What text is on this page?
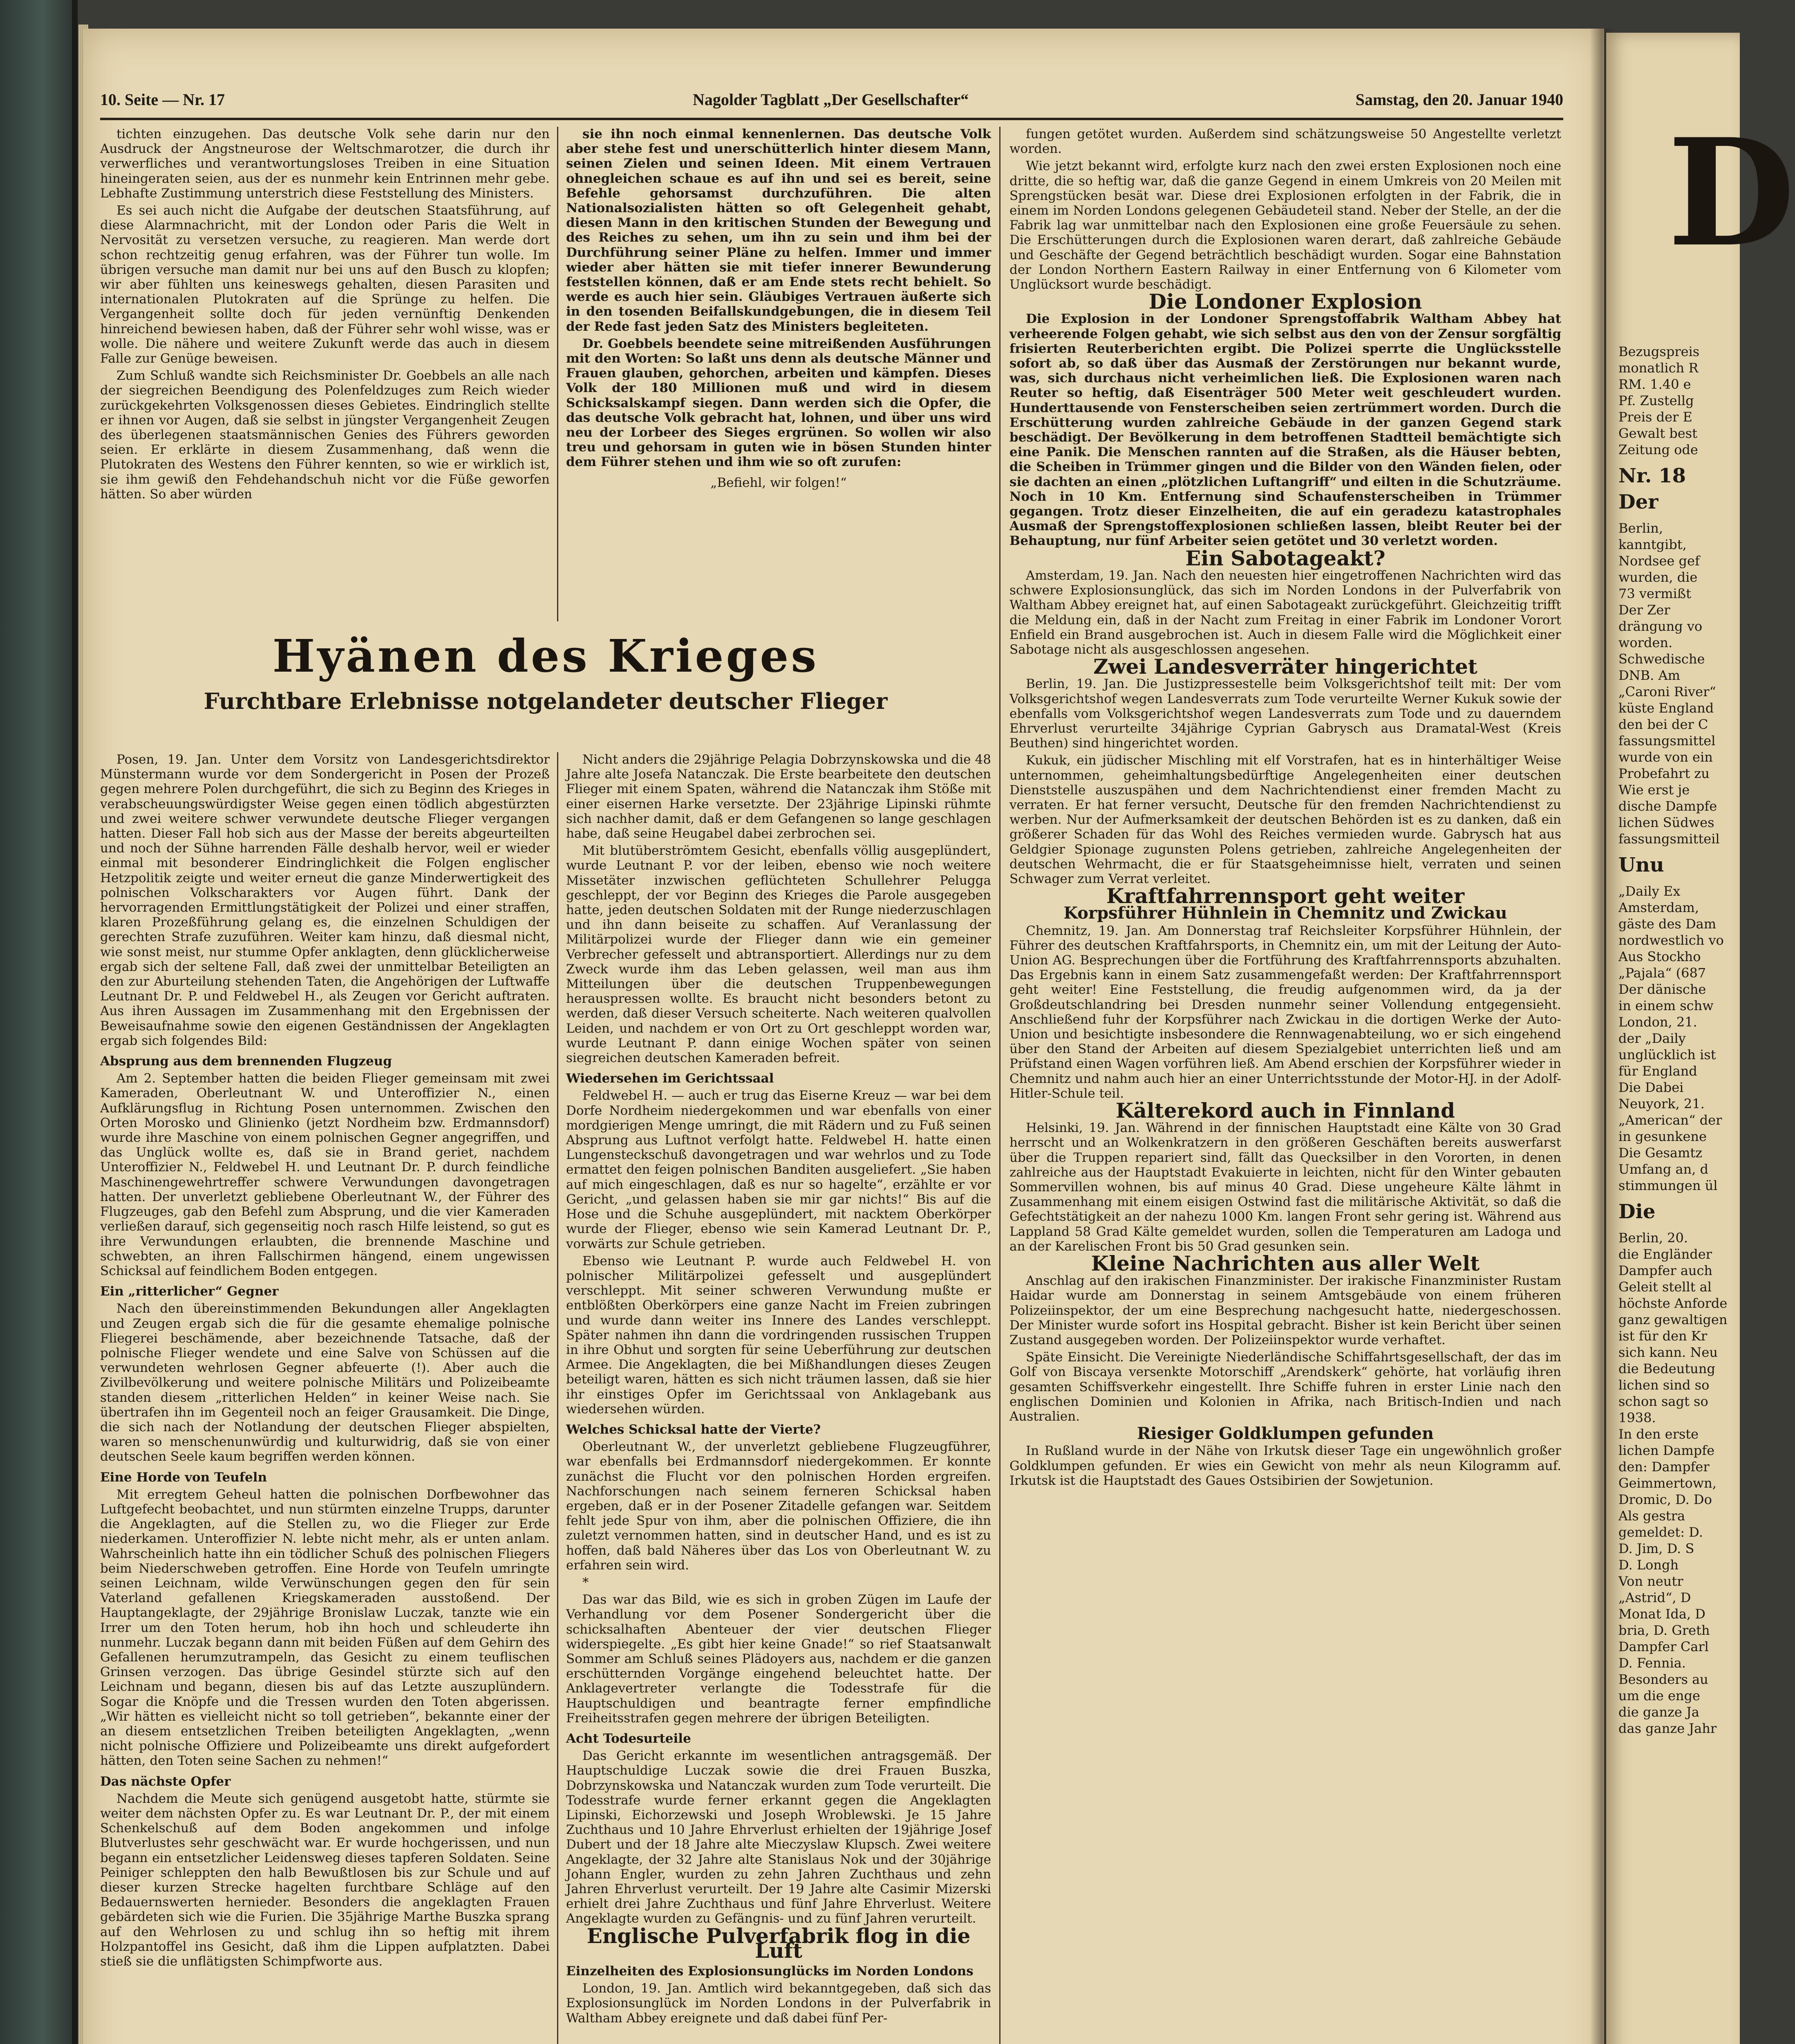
10. Seite — Nr. 17	Nagolder Tagblatt „Der Gesellschafter“	Samstag, den 20. Januar 1940

tichten einzugehen. Das deutsche Volk sehe darin nur den Ausdruck der Angstneurose der Weltschmarotzer, die durch ihr verwerfliches und verantwortungsloses Treiben in eine Situation hineingeraten seien, aus der es nunmehr kein Entrinnen mehr gebe. Lebhafte Zustimmung unterstrich diese Feststellung des Ministers.

Es sei auch nicht die Aufgabe der deutschen Staatsführung, auf diese Alarmnachricht, mit der London oder Paris die Welt in Nervosität zu versetzen versuche, zu reagieren. Man werde dort schon rechtzeitig genug erfahren, was der Führer tun wolle. Im übrigen versuche man damit nur bei uns auf den Busch zu klopfen; wir aber fühlten uns keineswegs gehalten, diesen Parasiten und internationalen Plutokraten auf die Sprünge zu helfen. Die Vergangenheit sollte doch für jeden vernünftig Denkenden hinreichend bewiesen haben, daß der Führer sehr wohl wisse, was er wolle. Die nähere und weitere Zukunft werde das auch in diesem Falle zur Genüge beweisen.

Zum Schluß wandte sich Reichsminister Dr. Goebbels an alle nach der siegreichen Beendigung des Polenfeldzuges zum Reich wieder zurückgekehrten Volksgenossen dieses Gebietes. Eindringlich stellte er ihnen vor Augen, daß sie selbst in jüngster Vergangenheit Zeugen des überlegenen staatsmännischen Genies des Führers geworden seien. Er erklärte in diesem Zusammenhang, daß wenn die Plutokraten des Westens den Führer kennten, so wie er wirklich ist, sie ihm gewiß den Fehdehandschuh nicht vor die Füße geworfen hätten. So aber würden

sie ihn noch einmal kennenlernen. Das deutsche Volk aber stehe fest und unerschütterlich hinter diesem Mann, seinen Zielen und seinen Ideen. Mit einem Vertrauen ohnegleichen schaue es auf ihn und sei es bereit, seine Befehle gehorsamst durchzuführen. Die alten Nationalsozialisten hätten so oft Gelegenheit gehabt, diesen Mann in den kritischen Stunden der Bewegung und des Reiches zu sehen, um ihn zu sein und ihm bei der Durchführung seiner Pläne zu helfen. Immer und immer wieder aber hätten sie mit tiefer innerer Bewunderung feststellen können, daß er am Ende stets recht behielt. So werde es auch hier sein. Gläubiges Vertrauen äußerte sich in den tosenden Beifallskundgebungen, die in diesem Teil der Rede fast jeden Satz des Ministers begleiteten.

Dr. Goebbels beendete seine mitreißenden Ausführungen mit den Worten: So laßt uns denn als deutsche Männer und Frauen glauben, gehorchen, arbeiten und kämpfen. Dieses Volk der 180 Millionen muß und wird in diesem Schicksalskampf siegen. Dann werden sich die Opfer, die das deutsche Volk gebracht hat, lohnen, und über uns wird neu der Lorbeer des Sieges ergrünen. So wollen wir also treu und gehorsam in guten wie in bösen Stunden hinter dem Führer stehen und ihm wie so oft zurufen:

„Befiehl, wir folgen!“

Hyänen des Krieges
Furchtbare Erlebnisse notgelandeter deutscher Flieger

Posen, 19. Jan. Unter dem Vorsitz von Landesgerichtsdirektor Münstermann wurde vor dem Sondergericht in Posen der Prozeß gegen mehrere Polen durchgeführt, die sich zu Beginn des Krieges in verabscheuungswürdigster Weise gegen einen tödlich abgestürzten und zwei weitere schwer verwundete deutsche Flieger vergangen hatten. Dieser Fall hob sich aus der Masse der bereits abgeurteilten und noch der Sühne harrenden Fälle deshalb hervor, weil er wieder einmal mit besonderer Eindringlichkeit die Folgen englischer Hetzpolitik zeigte und weiter erneut die ganze Minderwertigkeit des polnischen Volkscharakters vor Augen führt. Dank der hervorragenden Ermittlungstätigkeit der Polizei und einer straffen, klaren Prozeßführung gelang es, die einzelnen Schuldigen der gerechten Strafe zuzuführen. Weiter kam hinzu, daß diesmal nicht, wie sonst meist, nur stumme Opfer anklagten, denn glücklicherweise ergab sich der seltene Fall, daß zwei der unmittelbar Beteiligten an den zur Aburteilung stehenden Taten, die Angehörigen der Luftwaffe Leutnant Dr. P. und Feldwebel H., als Zeugen vor Gericht auftraten. Aus ihren Aussagen im Zusammenhang mit den Ergebnissen der Beweisaufnahme sowie den eigenen Geständnissen der Angeklagten ergab sich folgendes Bild:

Absprung aus dem brennenden Flugzeug

Am 2. September hatten die beiden Flieger gemeinsam mit zwei Kameraden, Oberleutnant W. und Unteroffizier N., einen Aufklärungsflug in Richtung Posen unternommen. Zwischen den Orten Morosko und Glinienko (jetzt Nordheim bzw. Erdmannsdorf) wurde ihre Maschine von einem polnischen Gegner angegriffen, und das Unglück wollte es, daß sie in Brand geriet, nachdem Unteroffizier N., Feldwebel H. und Leutnant Dr. P. durch feindliche Maschinengewehrtreffer schwere Verwundungen davongetragen hatten. Der unverletzt gebliebene Oberleutnant W., der Führer des Flugzeuges, gab den Befehl zum Absprung, und die vier Kameraden verließen darauf, sich gegenseitig noch rasch Hilfe leistend, so gut es ihre Verwundungen erlaubten, die brennende Maschine und schwebten, an ihren Fallschirmen hängend, einem ungewissen Schicksal auf feindlichem Boden entgegen.

Ein „ritterlicher“ Gegner

Nach den übereinstimmenden Bekundungen aller Angeklagten und Zeugen ergab sich die für die gesamte ehemalige polnische Fliegerei beschämende, aber bezeichnende Tatsache, daß der polnische Flieger wendete und eine Salve von Schüssen auf die verwundeten wehrlosen Gegner abfeuerte (!). Aber auch die Zivilbevölkerung und weitere polnische Militärs und Polizeibeamte standen diesem „ritterlichen Helden“ in keiner Weise nach. Sie übertrafen ihn im Gegenteil noch an feiger Grausamkeit. Die Dinge, die sich nach der Notlandung der deutschen Flieger abspielten, waren so menschenunwürdig und kulturwidrig, daß sie von einer deutschen Seele kaum begriffen werden können.

Eine Horde von Teufeln

Mit erregtem Geheul hatten die polnischen Dorfbewohner das Luftgefecht beobachtet, und nun stürmten einzelne Trupps, darunter die Angeklagten, auf die Stellen zu, wo die Flieger zur Erde niederkamen. Unteroffizier N. lebte nicht mehr, als er unten anlam. Wahrscheinlich hatte ihn ein tödlicher Schuß des polnischen Fliegers beim Niederschweben getroffen. Eine Horde von Teufeln umringte seinen Leichnam, wilde Verwünschungen gegen den für sein Vaterland gefallenen Kriegskameraden ausstoßend. Der Hauptangeklagte, der 29jährige Bronislaw Luczak, tanzte wie ein Irrer um den Toten herum, hob ihn hoch und schleuderte ihn nunmehr. Luczak begann dann mit beiden Füßen auf dem Gehirn des Gefallenen herumzutrampeln, das Gesicht zu einem teuflischen Grinsen verzogen. Das übrige Gesindel stürzte sich auf den Leichnam und begann, diesen bis auf das Letzte auszuplündern. Sogar die Knöpfe und die Tressen wurden den Toten abgerissen. „Wir hätten es vielleicht nicht so toll getrieben“, bekannte einer der an diesem entsetzlichen Treiben beteiligten Angeklagten, „wenn nicht polnische Offiziere und Polizeibeamte uns direkt aufgefordert hätten, den Toten seine Sachen zu nehmen!“

Das nächste Opfer

Nachdem die Meute sich genügend ausgetobt hatte, stürmte sie weiter dem nächsten Opfer zu. Es war Leutnant Dr. P., der mit einem Schenkelschuß auf dem Boden angekommen und infolge Blutverlustes sehr geschwächt war. Er wurde hochgerissen, und nun begann ein entsetzlicher Leidensweg dieses tapferen Soldaten. Seine Peiniger schleppten den halb Bewußtlosen bis zur Schule und auf dieser kurzen Strecke hagelten furchtbare Schläge auf den Bedauernswerten hernieder. Besonders die angeklagten Frauen gebärdeten sich wie die Furien. Die 35jährige Marthe Buszka sprang auf den Wehrlosen zu und schlug ihn so heftig mit ihrem Holzpantoffel ins Gesicht, daß ihm die Lippen aufplatzten. Dabei stieß sie die unflätigsten Schimpfworte aus.

Nicht anders die 29jährige Pelagia Dobrzynskowska und die 48 Jahre alte Josefa Natanczak. Die Erste bearbeitete den deutschen Flieger mit einem Spaten, während die Natanczak ihm Stöße mit einer eisernen Harke versetzte. Der 23jährige Lipinski rühmte sich nachher damit, daß er dem Gefangenen so lange geschlagen habe, daß seine Heugabel dabei zerbrochen sei.

Mit blutüberströmtem Gesicht, ebenfalls völlig ausgeplündert, wurde Leutnant P. vor der leiben, ebenso wie noch weitere Missetäter inzwischen geflüchteten Schullehrer Pelugga geschleppt, der vor Beginn des Krieges die Parole ausgegeben hatte, jeden deutschen Soldaten mit der Runge niederzuschlagen und ihn dann beiseite zu schaffen. Auf Veranlassung der Militärpolizei wurde der Flieger dann wie ein gemeiner Verbrecher gefesselt und abtransportiert. Allerdings nur zu dem Zweck wurde ihm das Leben gelassen, weil man aus ihm Mitteilungen über die deutschen Truppenbewegungen herauspressen wollte. Es braucht nicht besonders betont zu werden, daß dieser Versuch scheiterte. Nach weiteren qualvollen Leiden, und nachdem er von Ort zu Ort geschleppt worden war, wurde Leutnant P. dann einige Wochen später von seinen siegreichen deutschen Kameraden befreit.

Wiedersehen im Gerichtssaal

Feldwebel H. — auch er trug das Eiserne Kreuz — war bei dem Dorfe Nordheim niedergekommen und war ebenfalls von einer mordgierigen Menge umringt, die mit Rädern und zu Fuß seinen Absprung aus Luftnot verfolgt hatte. Feldwebel H. hatte einen Lungensteckschuß davongetragen und war wehrlos und zu Tode ermattet den feigen polnischen Banditen ausgeliefert. „Sie haben auf mich eingeschlagen, daß es nur so hagelte“, erzählte er vor Gericht, „und gelassen haben sie mir gar nichts!“ Bis auf die Hose und die Schuhe ausgeplündert, mit nacktem Oberkörper wurde der Flieger, ebenso wie sein Kamerad Leutnant Dr. P., vorwärts zur Schule getrieben.

Ebenso wie Leutnant P. wurde auch Feldwebel H. von polnischer Militärpolizei gefesselt und ausgeplündert verschleppt. Mit seiner schweren Verwundung mußte er entblößten Oberkörpers eine ganze Nacht im Freien zubringen und wurde dann weiter ins Innere des Landes verschleppt. Später nahmen ihn dann die vordringenden russischen Truppen in ihre Obhut und sorgten für seine Ueberführung zur deutschen Armee. Die Angeklagten, die bei Mißhandlungen dieses Zeugen beteiligt waren, hätten es sich nicht träumen lassen, daß sie hier ihr einstiges Opfer im Gerichtssaal von Anklagebank aus wiedersehen würden.

Welches Schicksal hatte der Vierte?

Oberleutnant W., der unverletzt gebliebene Flugzeugführer, war ebenfalls bei Erdmannsdorf niedergekommen. Er konnte zunächst die Flucht vor den polnischen Horden ergreifen. Nachforschungen nach seinem ferneren Schicksal haben ergeben, daß er in der Posener Zitadelle gefangen war. Seitdem fehlt jede Spur von ihm, aber die polnischen Offiziere, die ihn zuletzt vernommen hatten, sind in deutscher Hand, und es ist zu hoffen, daß bald Näheres über das Los von Oberleutnant W. zu erfahren sein wird.

*

Das war das Bild, wie es sich in groben Zügen im Laufe der Verhandlung vor dem Posener Sondergericht über die schicksalhaften Abenteuer der vier deutschen Flieger widerspiegelte. „Es gibt hier keine Gnade!“ so rief Staatsanwalt Sommer am Schluß seines Plädoyers aus, nachdem er die ganzen erschütternden Vorgänge eingehend beleuchtet hatte. Der Anklagevertreter verlangte die Todesstrafe für die Hauptschuldigen und beantragte ferner empfindliche Freiheitsstrafen gegen mehrere der übrigen Beteiligten.

Acht Todesurteile

Das Gericht erkannte im wesentlichen antragsgemäß. Der Hauptschuldige Luczak sowie die drei Frauen Buszka, Dobrzynskowska und Natanczak wurden zum Tode verurteilt. Die Todesstrafe wurde ferner erkannt gegen die Angeklagten Lipinski, Eichorzewski und Joseph Wroblewski. Je 15 Jahre Zuchthaus und 10 Jahre Ehrverlust erhielten der 19jährige Josef Dubert und der 18 Jahre alte Mieczyslaw Klupsch. Zwei weitere Angeklagte, der 32 Jahre alte Stanislaus Nok und der 30jährige Johann Engler, wurden zu zehn Jahren Zuchthaus und zehn Jahren Ehrverlust verurteilt. Der 19 Jahre alte Casimir Mizerski erhielt drei Jahre Zuchthaus und fünf Jahre Ehrverlust. Weitere Angeklagte wurden zu Gefängnis- und zu fünf Jahren verurteilt.

Englische Pulverfabrik flog in die Luft

Einzelheiten des Explosionsunglücks im Norden Londons

London, 19. Jan. Amtlich wird bekanntgegeben, daß sich das Explosionsunglück im Norden Londons in der Pulverfabrik in Waltham Abbey ereignete und daß dabei fünf Per-

fungen getötet wurden. Außerdem sind schätzungsweise 50 Angestellte verletzt worden.

Wie jetzt bekannt wird, erfolgte kurz nach den zwei ersten Explosionen noch eine dritte, die so heftig war, daß die ganze Gegend in einem Umkreis von 20 Meilen mit Sprengstücken besät war. Diese drei Explosionen erfolgten in der Fabrik, die in einem im Norden Londons gelegenen Gebäudeteil stand. Neber der Stelle, an der die Fabrik lag war unmittelbar nach den Explosionen eine große Feuersäule zu sehen. Die Erschütterungen durch die Explosionen waren derart, daß zahlreiche Gebäude und Geschäfte der Gegend beträchtlich beschädigt wurden. Sogar eine Bahnstation der London Northern Eastern Railway in einer Entfernung von 6 Kilometer vom Unglücksort wurde beschädigt.

Die Londoner Explosion

Die Explosion in der Londoner Sprengstoffabrik Waltham Abbey hat verheerende Folgen gehabt, wie sich selbst aus den von der Zensur sorgfältig frisierten Reuterberichten ergibt. Die Polizei sperrte die Unglücksstelle sofort ab, so daß über das Ausmaß der Zerstörungen nur bekannt wurde, was, sich durchaus nicht verheimlichen ließ. Die Explosionen waren nach Reuter so heftig, daß Eisenträger 500 Meter weit geschleudert wurden. Hunderttausende von Fensterscheiben seien zertrümmert worden. Durch die Erschütterung wurden zahlreiche Gebäude in der ganzen Gegend stark beschädigt. Der Bevölkerung in dem betroffenen Stadtteil bemächtigte sich eine Panik. Die Menschen rannten auf die Straßen, als die Häuser bebten, die Scheiben in Trümmer gingen und die Bilder von den Wänden fielen, oder sie dachten an einen „plötzlichen Luftangriff“ und eilten in die Schutzräume. Noch in 10 Km. Entfernung sind Schaufensterscheiben in Trümmer gegangen. Trotz dieser Einzelheiten, die auf ein geradezu katastrophales Ausmaß der Sprengstoffexplosionen schließen lassen, bleibt Reuter bei der Behauptung, nur fünf Arbeiter seien getötet und 30 verletzt worden.

Ein Sabotageakt?

Amsterdam, 19. Jan. Nach den neuesten hier eingetroffenen Nachrichten wird das schwere Explosionsunglück, das sich im Norden Londons in der Pulverfabrik von Waltham Abbey ereignet hat, auf einen Sabotageakt zurückgeführt. Gleichzeitig trifft die Meldung ein, daß in der Nacht zum Freitag in einer Fabrik im Londoner Vorort Enfield ein Brand ausgebrochen ist. Auch in diesem Falle wird die Möglichkeit einer Sabotage nicht als ausgeschlossen angesehen.

Zwei Landesverräter hingerichtet

Berlin, 19. Jan. Die Justizpressestelle beim Volksgerichtshof teilt mit: Der vom Volksgerichtshof wegen Landesverrats zum Tode verurteilte Werner Kukuk sowie der ebenfalls vom Volksgerichtshof wegen Landesverrats zum Tode und zu dauerndem Ehrverlust verurteilte 34jährige Cyprian Gabrysch aus Dramatal-West (Kreis Beuthen) sind hingerichtet worden.

Kukuk, ein jüdischer Mischling mit elf Vorstrafen, hat es in hinterhältiger Weise unternommen, geheimhaltungsbedürftige Angelegenheiten einer deutschen Dienststelle auszuspähen und dem Nachrichtendienst einer fremden Macht zu verraten. Er hat ferner versucht, Deutsche für den fremden Nachrichtendienst zu werben. Nur der Aufmerksamkeit der deutschen Behörden ist es zu danken, daß ein größerer Schaden für das Wohl des Reiches vermieden wurde. Gabrysch hat aus Geldgier Spionage zugunsten Polens getrieben, zahlreiche Angelegenheiten der deutschen Wehrmacht, die er für Staatsgeheimnisse hielt, verraten und seinen Schwager zum Verrat verleitet.

Kraftfahrrennsport geht weiter

Korpsführer Hühnlein in Chemnitz und Zwickau

Chemnitz, 19. Jan. Am Donnerstag traf Reichsleiter Korpsführer Hühnlein, der Führer des deutschen Kraftfahrsports, in Chemnitz ein, um mit der Leitung der Auto-Union AG. Besprechungen über die Fortführung des Kraftfahrrennsports abzuhalten. Das Ergebnis kann in einem Satz zusammengefaßt werden: Der Kraftfahrrennsport geht weiter! Eine Feststellung, die freudig aufgenommen wird, da ja der Großdeutschlandring bei Dresden nunmehr seiner Vollendung entgegensieht. Anschließend fuhr der Korpsführer nach Zwickau in die dortigen Werke der Auto-Union und besichtigte insbesondere die Rennwagenabteilung, wo er sich eingehend über den Stand der Arbeiten auf diesem Spezialgebiet unterrichten ließ und am Prüfstand einen Wagen vorführen ließ. Am Abend erschien der Korpsführer wieder in Chemnitz und nahm auch hier an einer Unterrichtsstunde der Motor-HJ. in der Adolf-Hitler-Schule teil.

Kälterekord auch in Finnland

Helsinki, 19. Jan. Während in der finnischen Hauptstadt eine Kälte von 30 Grad herrscht und an Wolkenkratzern in den größeren Geschäften bereits auswerfarst über die Truppen repariert sind, fällt das Quecksilber in den Vororten, in denen zahlreiche aus der Hauptstadt Evakuierte in leichten, nicht für den Winter gebauten Sommervillen wohnen, bis auf minus 40 Grad. Diese ungeheure Kälte lähmt in Zusammenhang mit einem eisigen Ostwind fast die militärische Aktivität, so daß die Gefechtstätigkeit an der nahezu 1000 Km. langen Front sehr gering ist. Während aus Lappland 58 Grad Kälte gemeldet wurden, sollen die Temperaturen am Ladoga und an der Karelischen Front bis 50 Grad gesunken sein.

Kleine Nachrichten aus aller Welt

Anschlag auf den irakischen Finanzminister. Der irakische Finanzminister Rustam Haidar wurde am Donnerstag in seinem Amtsgebäude von einem früheren Polizeiinspektor, der um eine Besprechung nachgesucht hatte, niedergeschossen. Der Minister wurde sofort ins Hospital gebracht. Bisher ist kein Bericht über seinen Zustand ausgegeben worden. Der Polizeiinspektor wurde verhaftet.

Späte Einsicht. Die Vereinigte Niederländische Schiffahrtsgesellschaft, der das im Golf von Biscaya versenkte Motorschiff „Arendskerk“ gehörte, hat vorläufig ihren gesamten Schiffsverkehr eingestellt. Ihre Schiffe fuhren in erster Linie nach den englischen Dominien und Kolonien in Afrika, nach Britisch-Indien und nach Australien.

Riesiger Goldklumpen gefunden

In Rußland wurde in der Nähe von Irkutsk dieser Tage ein ungewöhnlich großer Goldklumpen gefunden. Er wies ein Gewicht von mehr als neun Kilogramm auf. Irkutsk ist die Hauptstadt des Gaues Ostsibirien der Sowjetunion.

D
Bezugspreis
monatlich R
RM. 1.40 e
Pf. Zustellg
Preis der E
Gewalt best
Zeitung ode
Nr. 18
Der
Berlin,
kanntgibt,
Nordsee gef
wurden, die
73 vermißt
Der Zer
drängung vo
worden.
Schwedische
DNB. Am
„Caroni River“
küste England
den bei der C
fassungsmittel
wurde von ein
Probefahrt zu
Wie erst je
dische Dampfe
lichen Südwes
fassungsmitteil
Unu
„Daily Ex
Amsterdam,
gäste des Dam
nordwestlich vo
Aus Stockho
„Pajala“ (687
Der dänische
in einem schw
London, 21.
der „Daily
unglücklich ist
für England
Die Dabei
Neuyork, 21.
„American“ der
in gesunkene
Die Gesamtz
Umfang an, d
stimmungen ül
Die
Berlin, 20.
die Engländer
Dampfer auch
Geleit stellt al
höchste Anforde
ganz gewaltigen
ist für den Kr
sich kann. Neu
die Bedeutung
lichen sind so
schon sagt so
1938.
In den erste
lichen Dampfe
den: Dampfer
Geimmertown,
Dromic, D. Do
Als gestra
gemeldet: D.
D. Jim, D. S
D. Longh
Von neutr
„Astrid“, D
Monat Ida, D
bria, D. Greth
Dampfer Carl
D. Fennia.
Besonders au
um die enge
die ganze Ja
das ganze Jahr
